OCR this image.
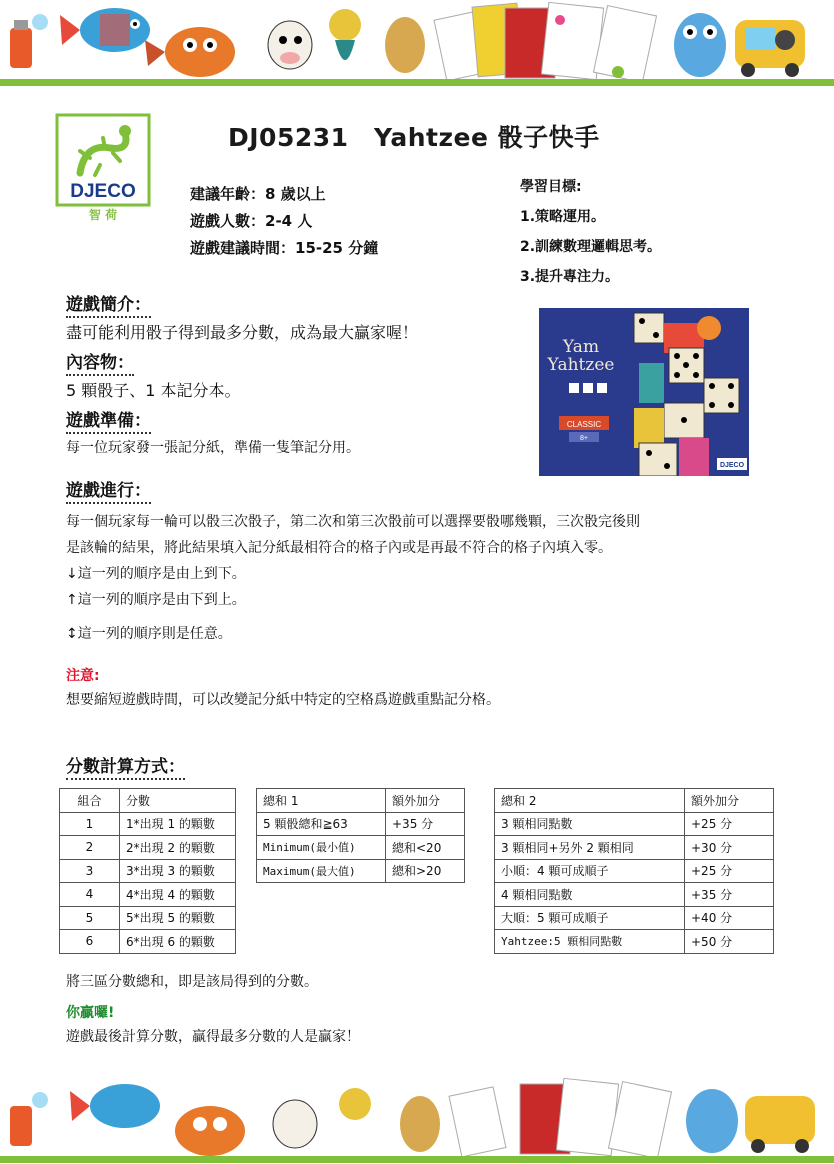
DJECO
智 荷
DJ05231　Yahtzee 骰子快手
建議年齡：8 歲以上
遊戲人數：2-4 人
遊戲建議時間：15-25 分鐘
學習目標:
1.策略運用。
2.訓練數理邏輯思考。
3.提升專注力。
遊戲簡介：
盡可能利用骰子得到最多分數，成為最大贏家喔！
內容物：
5 顆骰子、1 本記分本。
遊戲準備：
每一位玩家發一張記分紙，準備一隻筆記分用。
Yam
Yahtzee
CLASSIC
8+
DJECO
遊戲進行：
每一個玩家每一輪可以骰三次骰子，第二次和第三次骰前可以選擇要骰哪幾顆，三次骰完後則
是該輪的結果，將此結果填入記分紙最相符合的格子內或是再最不符合的格子內填入零。
↓這一列的順序是由上到下。
↑這一列的順序是由下到上。
↕這一列的順序則是任意。
注意:
想要縮短遊戲時間，可以改變記分紙中特定的空格爲遊戲重點記分格。
分數計算方式：
組合	分數
1	1*出現 1 的顆數
2	2*出現 2 的顆數
3	3*出現 3 的顆數
4	4*出現 4 的顆數
5	5*出現 5 的顆數
6	6*出現 6 的顆數
總和 1	額外加分
5 顆骰總和≧63	+35 分
Minimum(最小值)	總和<20
Maximum(最大值)	總和>20
總和 2	額外加分
3 顆相同點數	+25 分
3 顆相同+另外 2 顆相同	+30 分
小順：4 顆可成順子	+25 分
4 顆相同點數	+35 分
大順：5 顆可成順子	+40 分
Yahtzee:5 顆相同點數	+50 分
將三區分數總和，即是該局得到的分數。
你贏囉!
遊戲最後計算分數，贏得最多分數的人是贏家！
